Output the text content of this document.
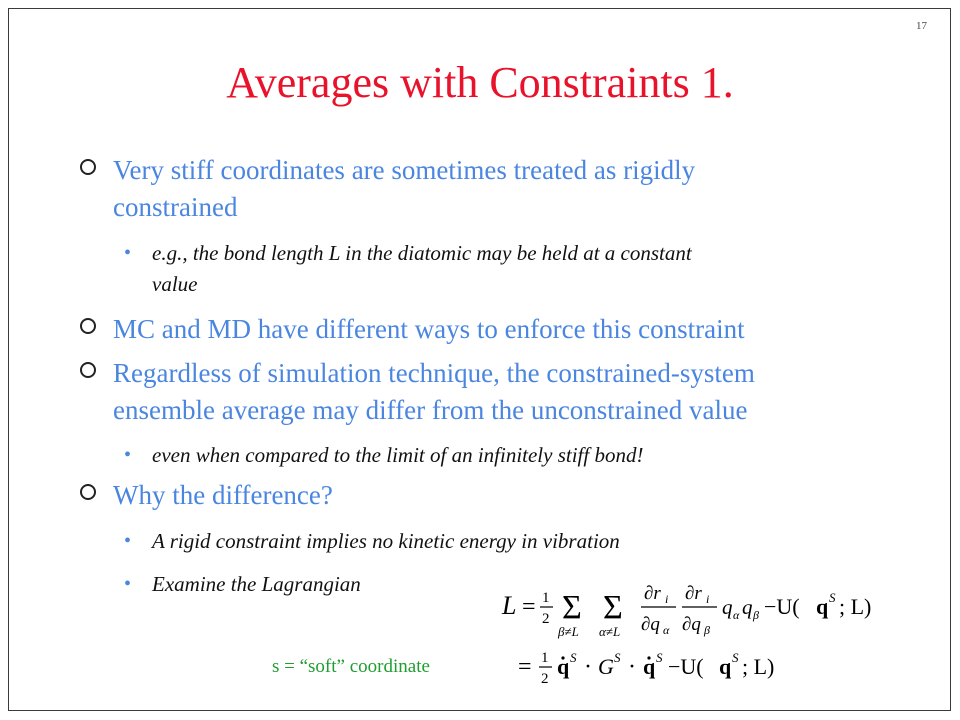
17
Averages with Constraints 1.
Very stiff coordinates are sometimes treated as rigidly
constrained
• e.g., the bond length L in the diatomic may be held at a constant
value
MC and MD have different ways to enforce this constraint
Regardless of simulation technique, the constrained-system
ensemble average may differ from the unconstrained value
• even when compared to the limit of an infinitely stiff bond!
Why the difference?
• A rigid constraint implies no kinetic energy in vibration
• Examine the Lagrangian
s = “soft” coordinate
L = 1
2 Σ
β≠L
Σ
α≠L
∂r i
∂q α
∂r i
∂q β
q α q β −U( q S ; L)
= 1
2 q S · G S · q S −U( q S ; L)
